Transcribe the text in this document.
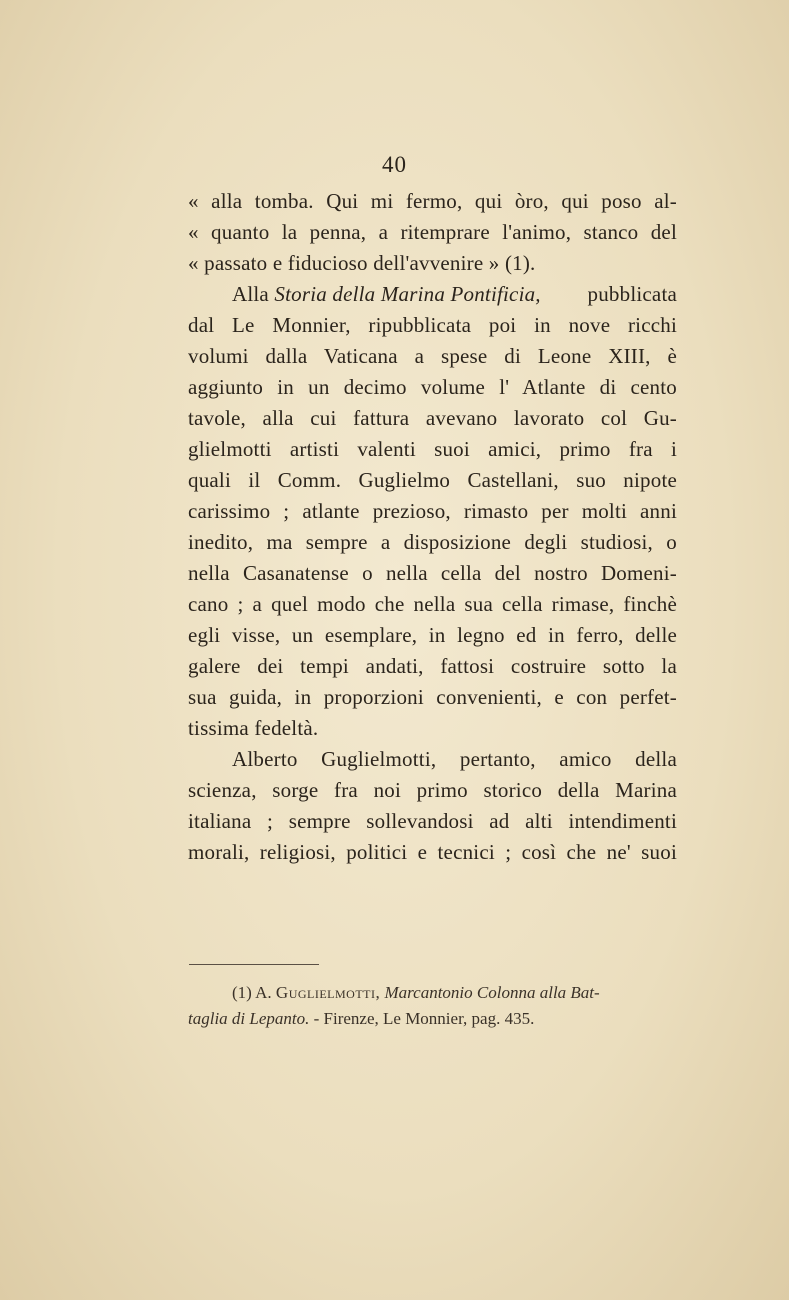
40
« alla tomba. Qui mi fermo, qui òro, qui poso al-
« quanto la penna, a ritemprare l'animo, stanco del
« passato e fiducioso dell'avvenire » (1).
Alla Storia della Marina Pontificia, pubblicata
dal Le Monnier, ripubblicata poi in nove ricchi
volumi dalla Vaticana a spese di Leone XIII, è
aggiunto in un decimo volume l' Atlante di cento
tavole, alla cui fattura avevano lavorato col Gu-
glielmotti artisti valenti suoi amici, primo fra i
quali il Comm. Guglielmo Castellani, suo nipote
carissimo ; atlante prezioso, rimasto per molti anni
inedito, ma sempre a disposizione degli studiosi, o
nella Casanatense o nella cella del nostro Domeni-
cano ; a quel modo che nella sua cella rimase, finchè
egli visse, un esemplare, in legno ed in ferro, delle
galere dei tempi andati, fattosi costruire sotto la
sua guida, in proporzioni convenienti, e con perfet-
tissima fedeltà.
Alberto Guglielmotti, pertanto, amico della
scienza, sorge fra noi primo storico della Marina
italiana ; sempre sollevandosi ad alti intendimenti
morali, religiosi, politici e tecnici ; così che ne' suoi
(1) A. Guglielmotti, Marcantonio Colonna alla Bat-
taglia di Lepanto. - Firenze, Le Monnier, pag. 435.
